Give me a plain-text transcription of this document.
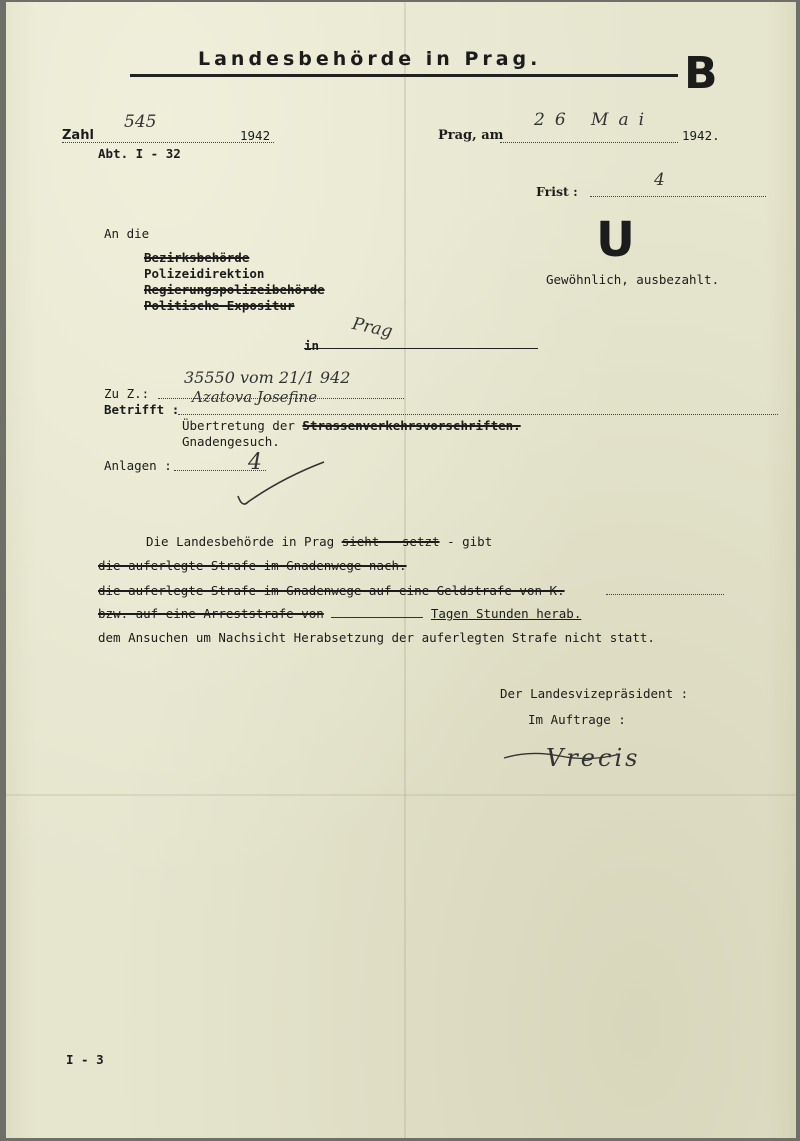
Landesbehörde in Prag.	B
Zahl
545
1942
Abt. I - 32
Prag, am
26 Mai
1942.
Frist :
4
U
Gewöhnlich, ausbezahlt.
An die
Bezirksbehörde
Polizeidirektion
Regierungspolizeibehörde
Politische Expositur
in
Prag
Zu Z.:
35550 vom 21/1 942
Betrifft :
Azatova Josefine
Übertretung der Strassenverkehrsvorschriften.
Gnadengesuch.
Anlagen :	4
Die Landesbehörde in Prag sieht - setzt - gibt
die auferlegte Strafe im Gnadenwege nach.
die auferlegte Strafe im Gnadenwege auf eine Geldstrafe von K.
bzw. auf eine Arreststrafe von	Tagen Stunden herab.
dem Ansuchen um Nachsicht Herabsetzung der auferlegten Strafe nicht statt.
Der Landesvizepräsident :
Im Auftrage :
Vrecis
I - 3
